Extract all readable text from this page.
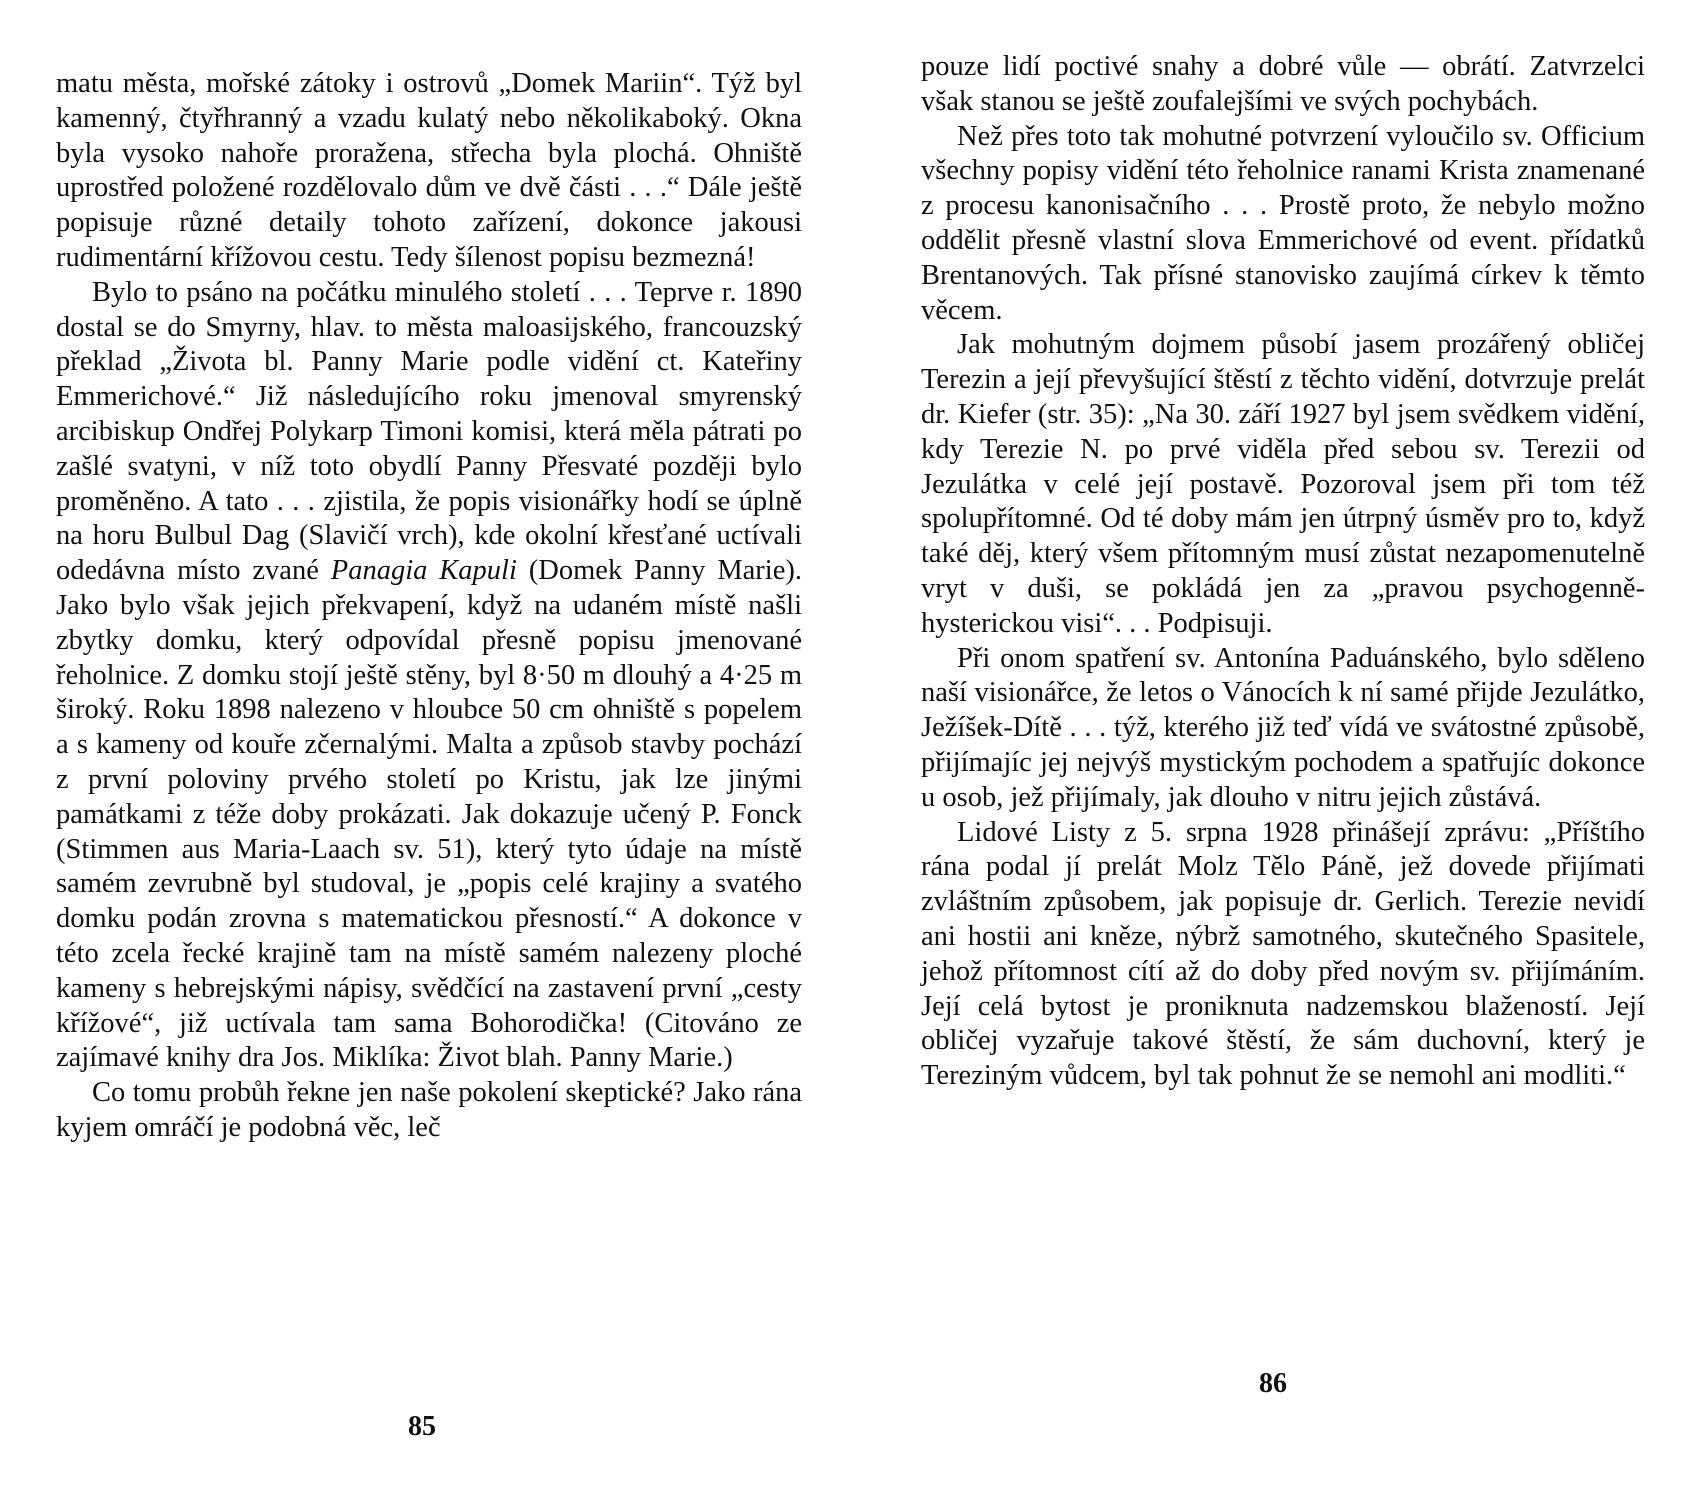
matu města, mořské zátoky i ostrovů „Domek Mariin“. Týž byl kamenný, čtyřhranný a vzadu kulatý nebo několikaboký. Okna byla vysoko nahoře proražena, střecha byla plochá. Ohniště uprostřed položené rozdělovalo dům ve dvě části . . .“ Dále ještě popisuje různé detaily tohoto zařízení, dokonce jakousi rudimentární křížovou cestu. Tedy šílenost popisu bezmezná!

Bylo to psáno na počátku minulého století . . . Teprve r. 1890 dostal se do Smyrny, hlav. to města maloasijského, francouzský překlad „Života bl. Panny Marie podle vidění ct. Kateřiny Emmerichové.“ Již následujícího roku jmenoval smyrenský arcibiskup Ondřej Polykarp Timoni komisi, která měla pátrati po zašlé svatyni, v níž toto obydlí Panny Přesvaté později bylo proměněno. A tato . . . zjistila, že popis visionářky hodí se úplně na horu Bulbul Dag (Slavičí vrch), kde okolní křesťané uctívali odedávna místo zvané Panagia Kapuli (Domek Panny Marie). Jako bylo však jejich překvapení, když na udaném místě našli zbytky domku, který odpovídal přesně popisu jmenované řeholnice. Z domku stojí ještě stěny, byl 8·50 m dlouhý a 4·25 m široký. Roku 1898 nalezeno v hloubce 50 cm ohniště s popelem a s kameny od kouře zčernalými. Malta a způsob stavby pochází z první poloviny prvého století po Kristu, jak lze jinými památkami z téže doby prokázati. Jak dokazuje učený P. Fonck (Stimmen aus Maria-Laach sv. 51), který tyto údaje na místě samém zevrubně byl studoval, je „popis celé krajiny a svatého domku podán zrovna s matematickou přesností.“ A dokonce v této zcela řecké krajině tam na místě samém nalezeny ploché kameny s hebrejskými nápisy, svědčící na zastavení první „cesty křížové“, již uctívala tam sama Bohorodička! (Citováno ze zajímavé knihy dra Jos. Miklíka: Život blah. Panny Marie.)

Co tomu probůh řekne jen naše pokolení skeptické? Jako rána kyjem omráčí je podobná věc, leč

85

pouze lidí poctivé snahy a dobré vůle — obrátí. Zatvrzelci však stanou se ještě zoufalejšími ve svých pochybách.

Než přes toto tak mohutné potvrzení vyloučilo sv. Officium všechny popisy vidění této řeholnice ranami Krista znamenané z procesu kanonisačního . . . Prostě proto, že nebylo možno oddělit přesně vlastní slova Emmerichové od event. přídatků Brentanových. Tak přísné stanovisko zaujímá církev k těmto věcem.

Jak mohutným dojmem působí jasem prozářený obličej Terezin a její převyšující štěstí z těchto vidění, dotvrzuje prelát dr. Kiefer (str. 35): „Na 30. září 1927 byl jsem svědkem vidění, kdy Terezie N. po prvé viděla před sebou sv. Terezii od Jezulátka v celé její postavě. Pozoroval jsem při tom též spolupřítomné. Od té doby mám jen útrpný úsměv pro to, když také děj, který všem přítomným musí zůstat nezapomenutelně vryt v duši, se pokládá jen za „pravou psychogenně-hysterickou visi“. . . Podpisuji.

Při onom spatření sv. Antonína Paduánského, bylo sděleno naší visionářce, že letos o Vánocích k ní samé přijde Jezulátko, Ježíšek-Dítě . . . týž, kterého již teď vídá ve svátostné způsobě, přijímajíc jej nejvýš mystickým pochodem a spatřujíc dokonce u osob, jež přijímaly, jak dlouho v nitru jejich zůstává.

Lidové Listy z 5. srpna 1928 přinášejí zprávu: „Příštího rána podal jí prelát Molz Tělo Páně, jež dovede přijímati zvláštním způsobem, jak popisuje dr. Gerlich. Terezie nevidí ani hostii ani kněze, nýbrž samotného, skutečného Spasitele, jehož přítomnost cítí až do doby před novým sv. přijímáním. Její celá bytost je proniknuta nadzemskou blažeností. Její obličej vyzařuje takové štěstí, že sám duchovní, který je Tereziným vůdcem, byl tak pohnut že se nemohl ani modliti.“

86
